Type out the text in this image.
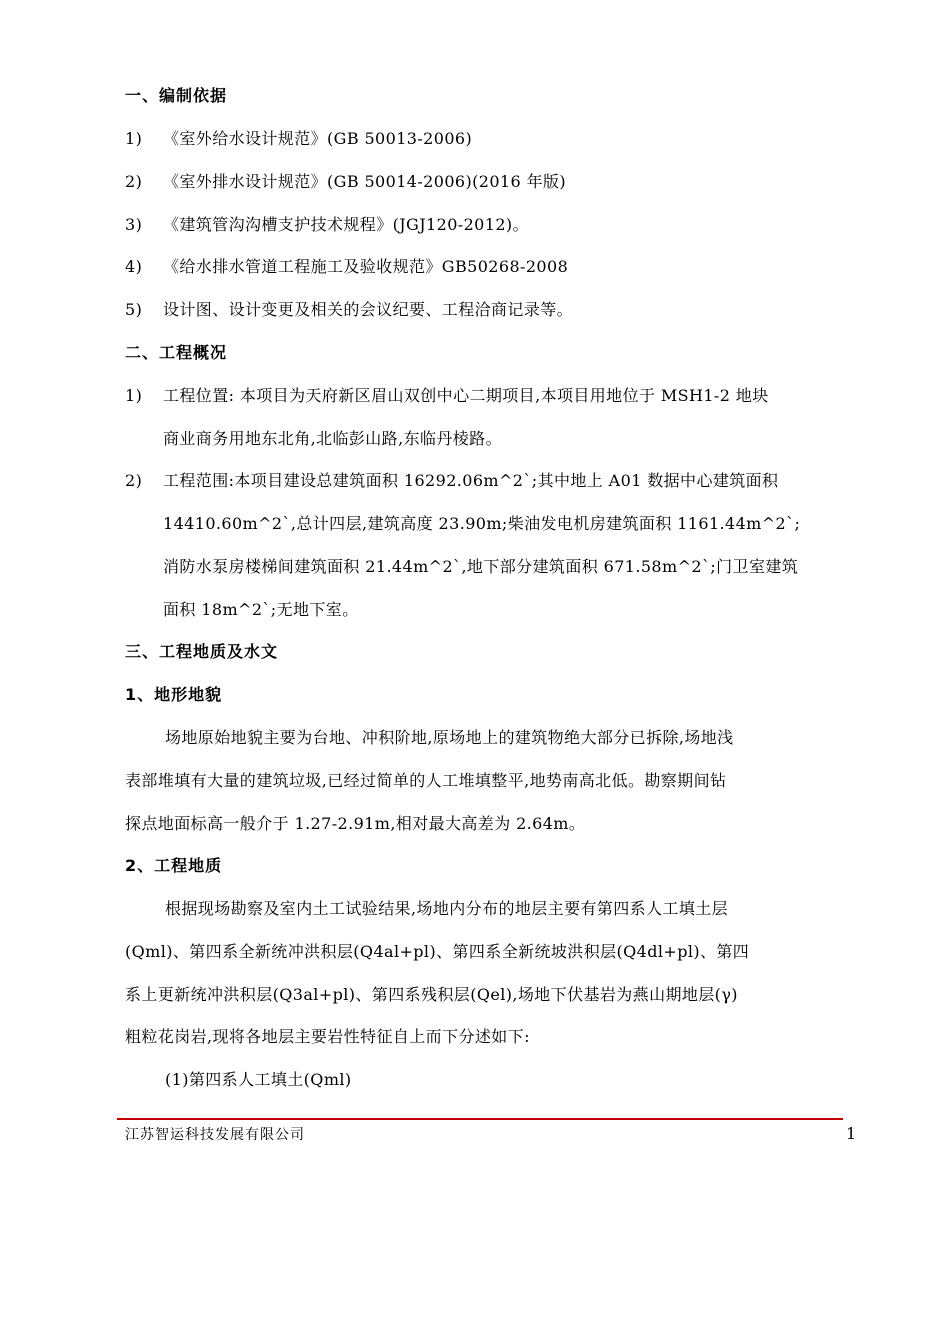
一、编制依据
1) 《室外给水设计规范》(GB 50013-2006)
2) 《室外排水设计规范》(GB 50014-2006)(2016 年版)
3) 《建筑管沟沟槽支护技术规程》(JGJ120-2012)。
4) 《给水排水管道工程施工及验收规范》GB50268-2008
5) 设计图、设计变更及相关的会议纪要、工程洽商记录等。
二、工程概况
1) 工程位置: 本项目为天府新区眉山双创中心二期项目,本项目用地位于 MSH1-2 地块
商业商务用地东北角,北临彭山路,东临丹棱路。
2) 工程范围:本项目建设总建筑面积 16292.06m^2`;其中地上 A01 数据中心建筑面积
14410.60m^2`,总计四层,建筑高度 23.90m;柴油发电机房建筑面积 1161.44m^2`;
消防水泵房楼梯间建筑面积 21.44m^2`,地下部分建筑面积 671.58m^2`;门卫室建筑
面积 18m^2`;无地下室。
三、工程地质及水文
1、地形地貌
场地原始地貌主要为台地、冲积阶地,原场地上的建筑物绝大部分已拆除,场地浅
表部堆填有大量的建筑垃圾,已经过简单的人工堆填整平,地势南高北低。勘察期间钻
探点地面标高一般介于 1.27-2.91m,相对最大高差为 2.64m。
2、工程地质
根据现场勘察及室内土工试验结果,场地内分布的地层主要有第四系人工填土层
(Qml)、第四系全新统冲洪积层(Q4al+pl)、第四系全新统坡洪积层(Q4dl+pl)、第四
系上更新统冲洪积层(Q3al+pl)、第四系残积层(Qel),场地下伏基岩为燕山期地层(γ)
粗粒花岗岩,现将各地层主要岩性特征自上而下分述如下:
(1)第四系人工填土(Qml)
江苏智运科技发展有限公司	1
